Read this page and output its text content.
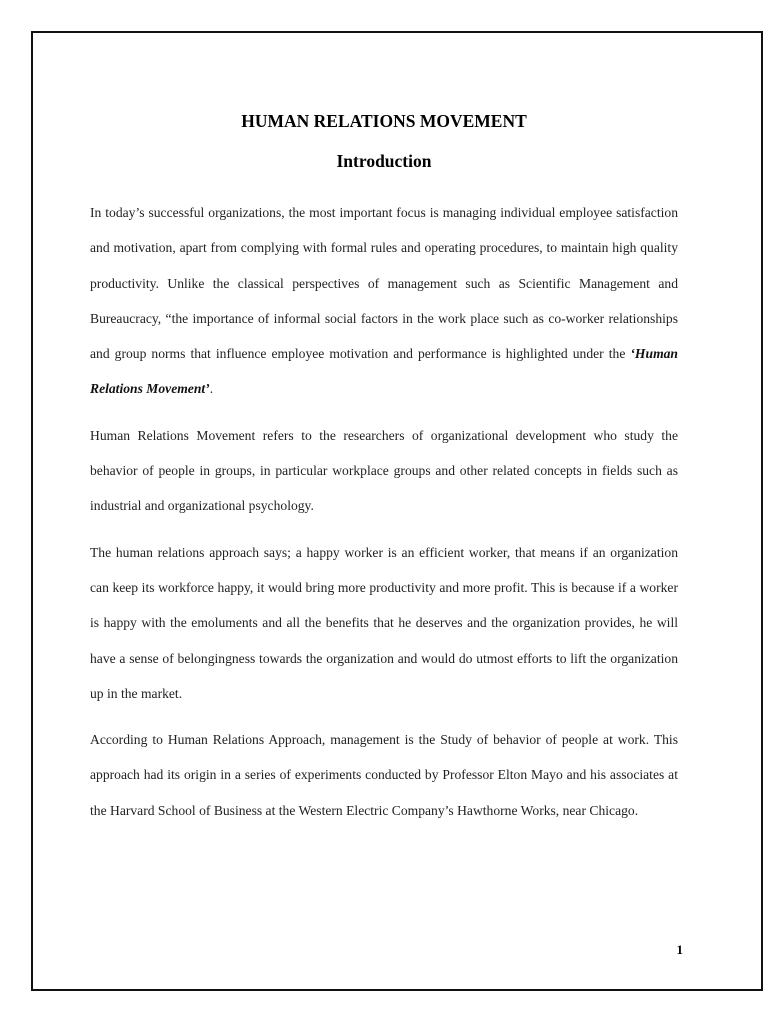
HUMAN RELATIONS MOVEMENT
Introduction

In today’s successful organizations, the most important focus is managing individual employee satisfaction and motivation, apart from complying with formal rules and operating procedures, to maintain high quality productivity. Unlike the classical perspectives of management such as Scientific Management and Bureaucracy, “the importance of informal social factors in the work place such as co-worker relationships and group norms that influence employee motivation and performance is highlighted under the ‘Human Relations Movement’.

Human Relations Movement refers to the researchers of organizational development who study the behavior of people in groups, in particular workplace groups and other related concepts in fields such as industrial and organizational psychology.

The human relations approach says; a happy worker is an efficient worker, that means if an organization can keep its workforce happy, it would bring more productivity and more profit. This is because if a worker is happy with the emoluments and all the benefits that he deserves and the organization provides, he will have a sense of belongingness towards the organization and would do utmost efforts to lift the organization up in the market.

According to Human Relations Approach, management is the Study of behavior of people at work. This approach had its origin in a series of experiments conducted by Professor Elton Mayo and his associates at the Harvard School of Business at the Western Electric Company’s Hawthorne Works, near Chicago.

1
